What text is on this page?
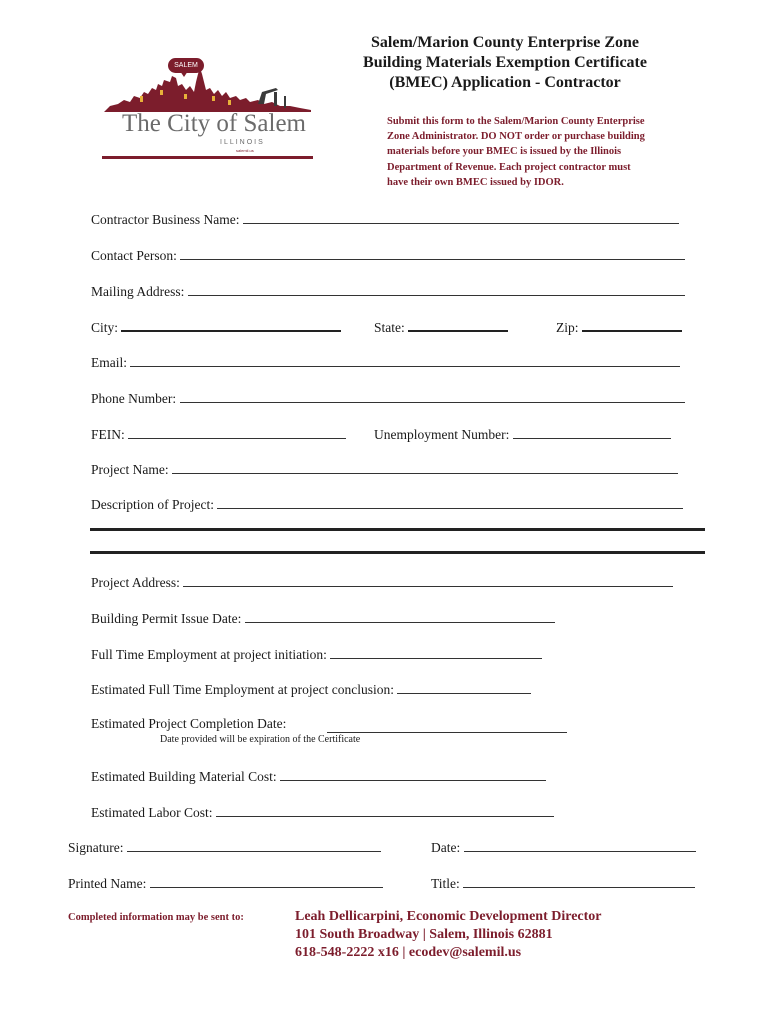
SALEM
The City of Salem
ILLINOIS
salemil.us
Salem/Marion County Enterprise Zone
Building Materials Exemption Certificate
(BMEC) Application - Contractor
Submit this form to the Salem/Marion County Enterprise
Zone Administrator. DO NOT order or purchase building
materials before your BMEC is issued by the Illinois
Department of Revenue. Each project contractor must
have their own BMEC issued by IDOR.
Contractor Business Name:
Contact Person:
Mailing Address:
City:	State:	Zip:
Email:
Phone Number:
FEIN:	Unemployment Number:
Project Name:
Description of Project:
Project Address:
Building Permit Issue Date:
Full Time Employment at project initiation:
Estimated Full Time Employment at project conclusion:
Estimated Project Completion Date:
Date provided will be expiration of the Certificate
Estimated Building Material Cost:
Estimated Labor Cost:
Signature:	Date:
Printed Name:	Title:
Completed information may be sent to:	Leah Dellicarpini, Economic Development Director
101 South Broadway | Salem, Illinois 62881
618-548-2222 x16 | ecodev@salemil.us
